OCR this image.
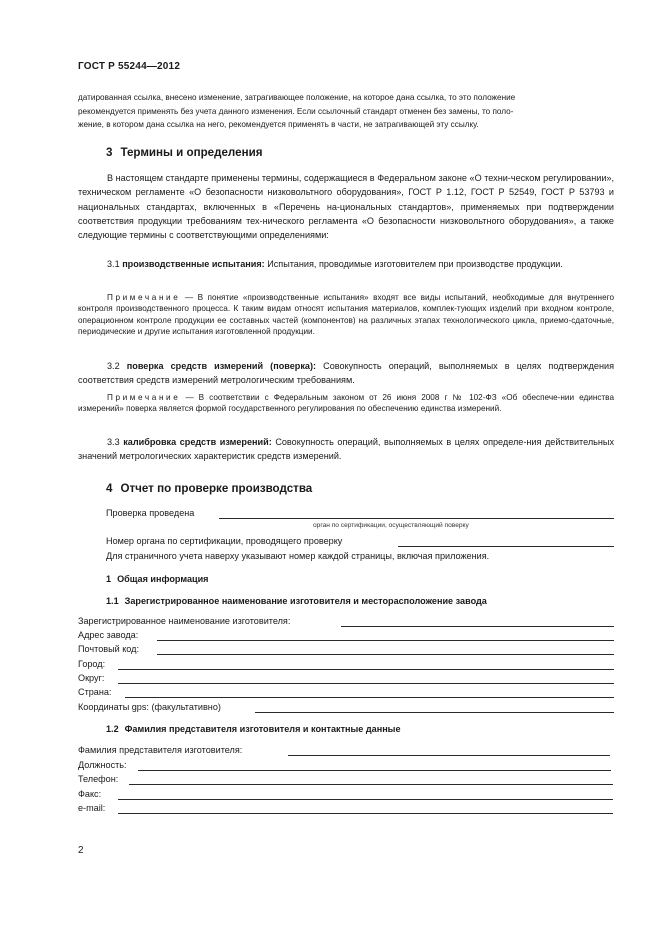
ГОСТ Р 55244—2012
датированная ссылка, внесено изменение, затрагивающее положение, на которое дана ссылка, то это положение
рекомендуется применять без учета данного изменения. Если ссылочный стандарт отменен без замены, то поло-
жение, в котором дана ссылка на него, рекомендуется применять в части, не затрагивающей эту ссылку.
3 Термины и определения
В настоящем стандарте применены термины, содержащиеся в Федеральном законе «О техни-ческом регулировании», техническом регламенте «О безопасности низковольтного оборудования», ГОСТ Р 1.12, ГОСТ Р 52549, ГОСТ Р 53793 и национальных стандартах, включенных в «Перечень на-циональных стандартов», применяемых при подтверждении соответствия продукции требованиям тех-нического регламента «О безопасности низковольтного оборудования», а также следующие термины с соответствующими определениями:
3.1 производственные испытания: Испытания, проводимые изготовителем при производстве продукции.
Примечание — В понятие «производственные испытания» входят все виды испытаний, необходимые для внутреннего контроля производственного процесса. К таким видам относят испытания материалов, комплек-тующих изделий при входном контроле, операционном контроле продукции ее составных частей (компонентов) на различных этапах технологического цикла, приемо-сдаточные, периодические и другие испытания изготовленной продукции.
3.2 поверка средств измерений (поверка): Совокупность операций, выполняемых в целях подтверждения соответствия средств измерений метрологическим требованиям.
Примечание — В соответствии с Федеральным законом от 26 июня 2008 г № 102-ФЗ «Об обеспече-нии единства измерений» поверка является формой государственного регулирования по обеспечению единства измерений.
3.3 калибровка средств измерений: Совокупность операций, выполняемых в целях определе-ния действительных значений метрологических характеристик средств измерений.
4 Отчет по проверке производства
Проверка проведена
орган по сертификации, осуществляющий поверку
Номер органа по сертификации, проводящего проверку
Для страничного учета наверху указывают номер каждой страницы, включая приложения.
1 Общая информация
1.1 Зарегистрированное наименование изготовителя и месторасположение завода
Зарегистрированное наименование изготовителя:
Адрес завода:
Почтовый код:
Город:
Округ:
Страна:
Координаты gps: (факультативно)
1.2 Фамилия представителя изготовителя и контактные данные
Фамилия представителя изготовителя:
Должность:
Телефон:
Факс:
e-mail:
2
